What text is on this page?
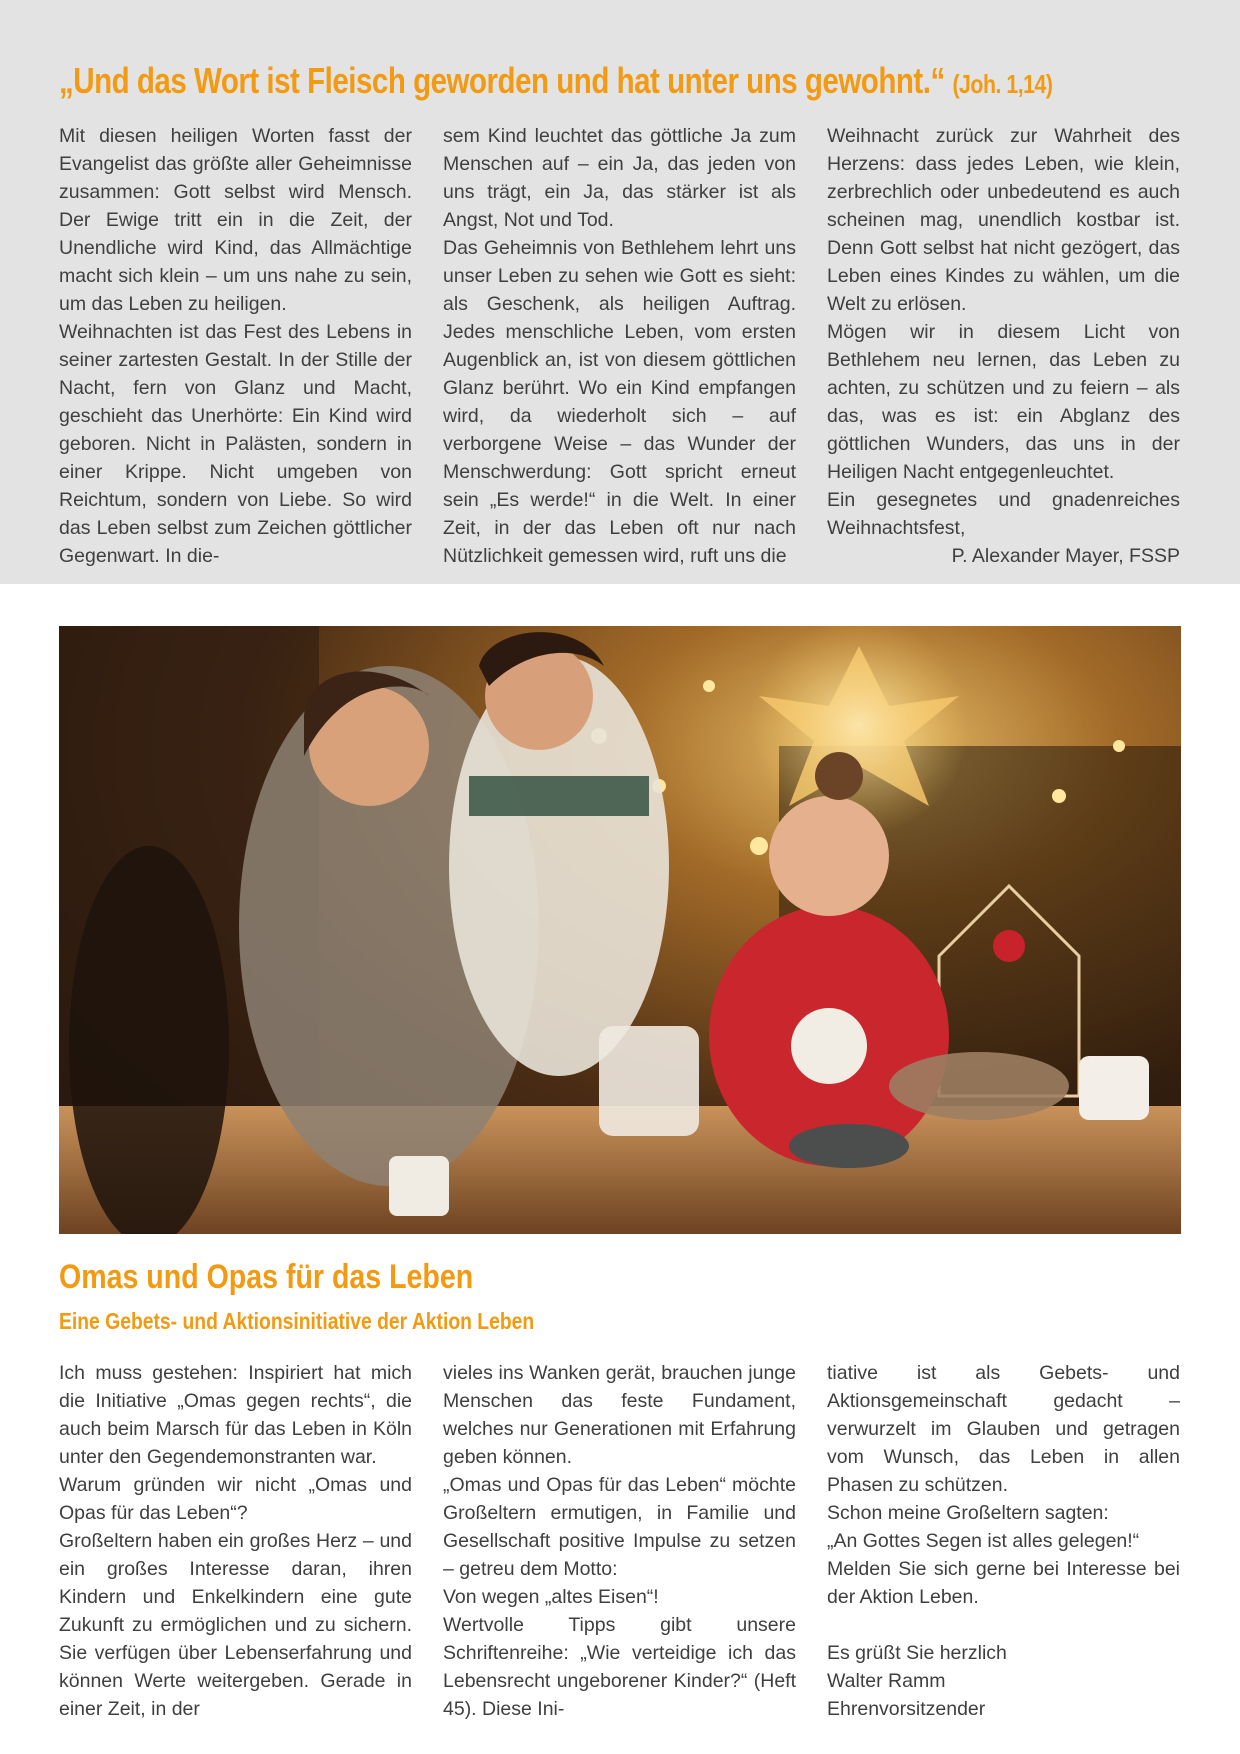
„Und das Wort ist Fleisch geworden und hat unter uns gewohnt.“ (Joh. 1,14)

Mit diesen heiligen Worten fasst der Evangelist das größte aller Geheimnisse zusammen: Gott selbst wird Mensch. Der Ewige tritt ein in die Zeit, der Unendliche wird Kind, das Allmächtige macht sich klein – um uns nahe zu sein, um das Leben zu heiligen.

Weihnachten ist das Fest des Lebens in seiner zartesten Gestalt. In der Stille der Nacht, fern von Glanz und Macht, geschieht das Unerhörte: Ein Kind wird geboren. Nicht in Palästen, sondern in einer Krippe. Nicht umgeben von Reichtum, sondern von Liebe. So wird das Leben selbst zum Zeichen göttlicher Gegenwart. In die-

sem Kind leuchtet das göttliche Ja zum Menschen auf – ein Ja, das jeden von uns trägt, ein Ja, das stärker ist als Angst, Not und Tod.

Das Geheimnis von Bethlehem lehrt uns unser Leben zu sehen wie Gott es sieht: als Geschenk, als heiligen Auftrag. Jedes menschliche Leben, vom ersten Augenblick an, ist von diesem göttlichen Glanz berührt. Wo ein Kind empfangen wird, da wiederholt sich – auf verborgene Weise – das Wunder der Menschwerdung: Gott spricht erneut sein „Es werde!“ in die Welt. In einer Zeit, in der das Leben oft nur nach Nützlichkeit gemessen wird, ruft uns die

Weihnacht zurück zur Wahrheit des Herzens: dass jedes Leben, wie klein, zerbrechlich oder unbedeutend es auch scheinen mag, unendlich kostbar ist. Denn Gott selbst hat nicht gezögert, das Leben eines Kindes zu wählen, um die Welt zu erlösen.

Mögen wir in diesem Licht von Bethlehem neu lernen, das Leben zu achten, zu schützen und zu feiern – als das, was es ist: ein Abglanz des göttlichen Wunders, das uns in der Heiligen Nacht entgegenleuchtet.

Ein gesegnetes und gnadenreiches Weihnachtsfest,

P. Alexander Mayer, FSSP

Omas und Opas für das Leben
Eine Gebets- und Aktionsinitiative der Aktion Leben

Ich muss gestehen: Inspiriert hat mich die Initiative „Omas gegen rechts“, die auch beim Marsch für das Leben in Köln unter den Gegendemonstranten war.

Warum gründen wir nicht „Omas und Opas für das Leben“?

Großeltern haben ein großes Herz – und ein großes Interesse daran, ihren Kindern und Enkelkindern eine gute Zukunft zu ermöglichen und zu sichern. Sie verfügen über Lebenserfahrung und können Werte weitergeben. Gerade in einer Zeit, in der

vieles ins Wanken gerät, brauchen junge Menschen das feste Fundament, welches nur Generationen mit Erfahrung geben können.

„Omas und Opas für das Leben“ möchte Großeltern ermutigen, in Familie und Gesellschaft positive Impulse zu setzen – getreu dem Motto:

Von wegen „altes Eisen“!

Wertvolle Tipps gibt unsere Schriftenreihe: „Wie verteidige ich das Lebensrecht ungeborener Kinder?“ (Heft 45). Diese Ini-

tiative ist als Gebets- und Aktionsgemeinschaft gedacht – verwurzelt im Glauben und getragen vom Wunsch, das Leben in allen Phasen zu schützen.

Schon meine Großeltern sagten:

„An Gottes Segen ist alles gelegen!“

Melden Sie sich gerne bei Interesse bei der Aktion Leben.

Es grüßt Sie herzlich

Walter Ramm

Ehrenvorsitzender
